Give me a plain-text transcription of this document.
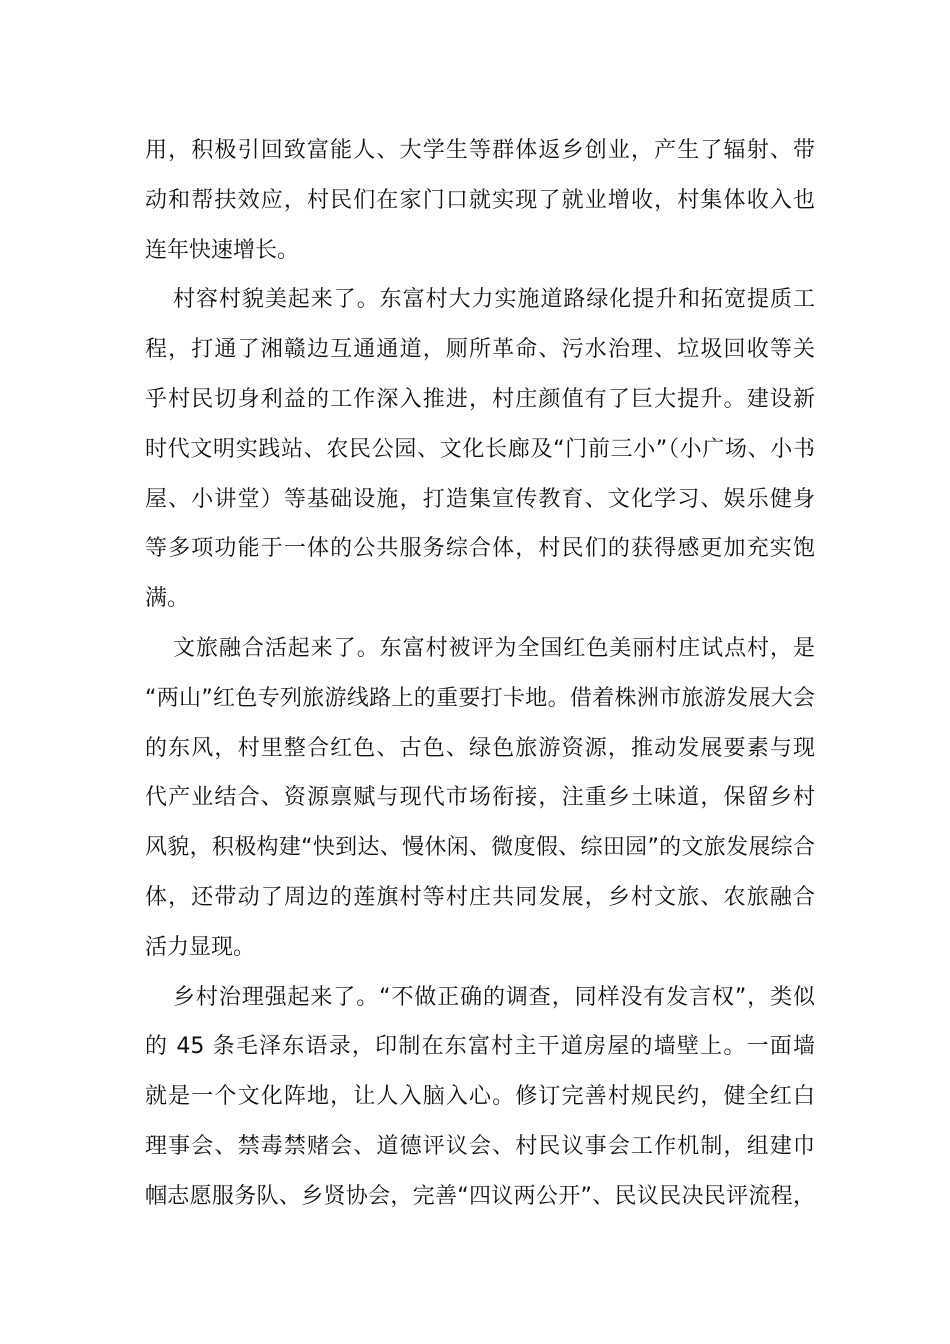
用，积极引回致富能人、大学生等群体返乡创业，产生了辐射、带
动和帮扶效应，村民们在家门口就实现了就业增收，村集体收入也
连年快速增长。
村容村貌美起来了。东富村大力实施道路绿化提升和拓宽提质工
程，打通了湘赣边互通通道，厕所革命、污水治理、垃圾回收等关
乎村民切身利益的工作深入推进，村庄颜值有了巨大提升。建设新
时代文明实践站、农民公园、文化长廊及“门前三小”（小广场、小书
屋、小讲堂）等基础设施，打造集宣传教育、文化学习、娱乐健身
等多项功能于一体的公共服务综合体，村民们的获得感更加充实饱
满。
文旅融合活起来了。东富村被评为全国红色美丽村庄试点村，是
“两山”红色专列旅游线路上的重要打卡地。借着株洲市旅游发展大会
的东风，村里整合红色、古色、绿色旅游资源，推动发展要素与现
代产业结合、资源禀赋与现代市场衔接，注重乡土味道，保留乡村
风貌，积极构建“快到达、慢休闲、微度假、综田园”的文旅发展综合
体，还带动了周边的莲旗村等村庄共同发展，乡村文旅、农旅融合
活力显现。
乡村治理强起来了。“不做正确的调查，同样没有发言权”，类似
的 45 条毛泽东语录，印制在东富村主干道房屋的墙壁上。一面墙
就是一个文化阵地，让人入脑入心。修订完善村规民约，健全红白
理事会、禁毒禁赌会、道德评议会、村民议事会工作机制，组建巾
帼志愿服务队、乡贤协会，完善“四议两公开”、民议民决民评流程，
